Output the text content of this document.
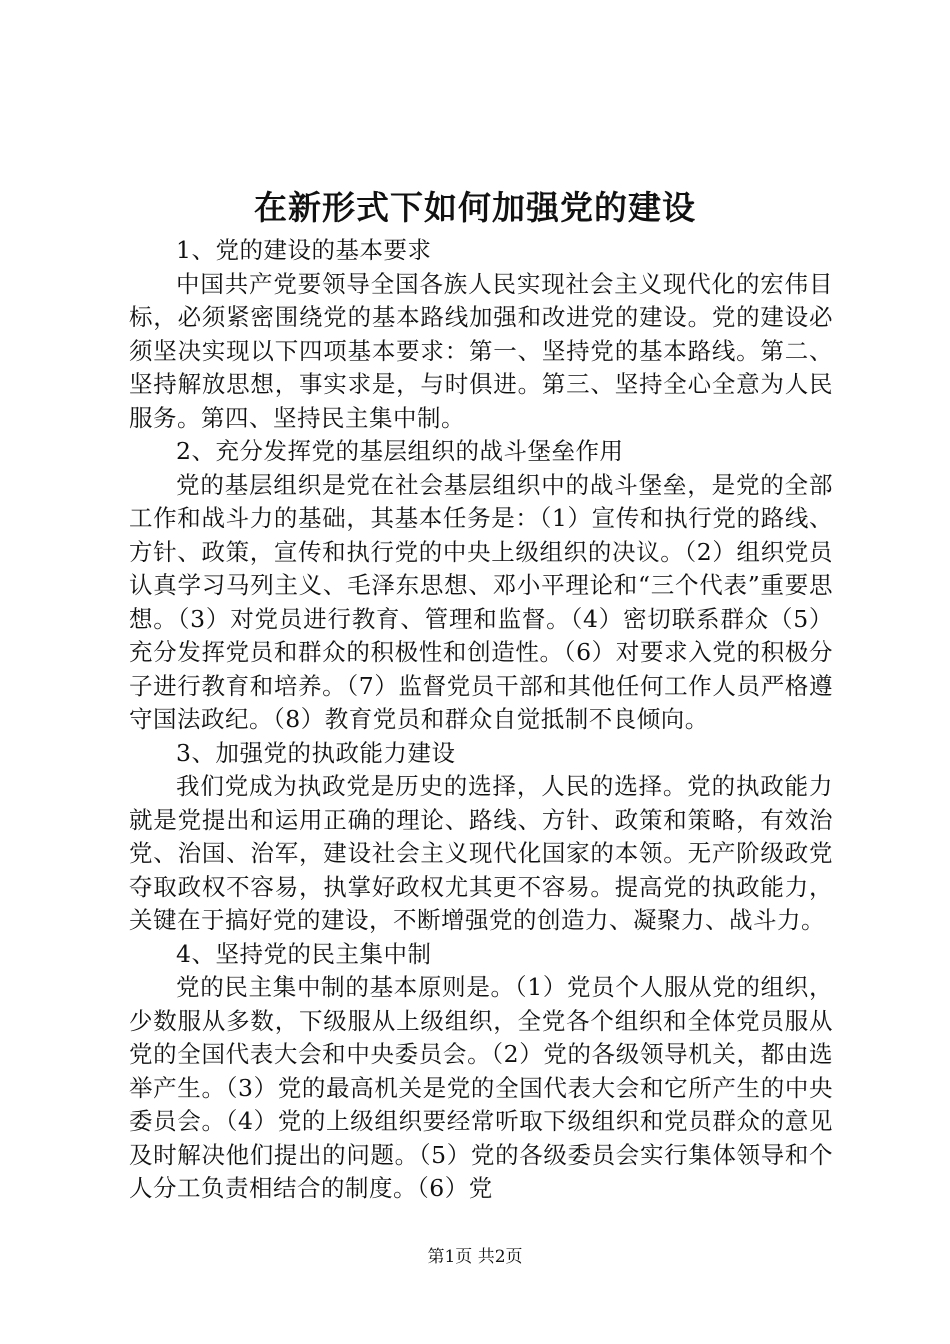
在新形式下如何加强党的建设

1、党的建设的基本要求

中国共产党要领导全国各族人民实现社会主义现代化的宏伟目标，必须紧密围绕党的基本路线加强和改进党的建设。党的建设必须坚决实现以下四项基本要求：第一、坚持党的基本路线。第二、坚持解放思想，事实求是，与时俱进。第三、坚持全心全意为人民服务。第四、坚持民主集中制。

2、充分发挥党的基层组织的战斗堡垒作用

党的基层组织是党在社会基层组织中的战斗堡垒，是党的全部工作和战斗力的基础，其基本任务是：（1）宣传和执行党的路线、方针、政策，宣传和执行党的中央上级组织的决议。（2）组织党员认真学习马列主义、毛泽东思想、邓小平理论和“三个代表”重要思想。（3）对党员进行教育、管理和监督。（4）密切联系群众（5）充分发挥党员和群众的积极性和创造性。（6）对要求入党的积极分子进行教育和培养。（7）监督党员干部和其他任何工作人员严格遵守国法政纪。（8）教育党员和群众自觉抵制不良倾向。

3、加强党的执政能力建设

我们党成为执政党是历史的选择，人民的选择。党的执政能力就是党提出和运用正确的理论、路线、方针、政策和策略，有效治党、治国、治军，建设社会主义现代化国家的本领。无产阶级政党夺取政权不容易，执掌好政权尤其更不容易。提高党的执政能力，关键在于搞好党的建设，不断增强党的创造力、凝聚力、战斗力。

4、坚持党的民主集中制

党的民主集中制的基本原则是。（1）党员个人服从党的组织，少数服从多数，下级服从上级组织，全党各个组织和全体党员服从党的全国代表大会和中央委员会。（2）党的各级领导机关，都由选举产生。（3）党的最高机关是党的全国代表大会和它所产生的中央委员会。（4）党的上级组织要经常听取下级组织和党员群众的意见及时解决他们提出的问题。（5）党的各级委员会实行集体领导和个人分工负责相结合的制度。（6）党

第1页 共2页
